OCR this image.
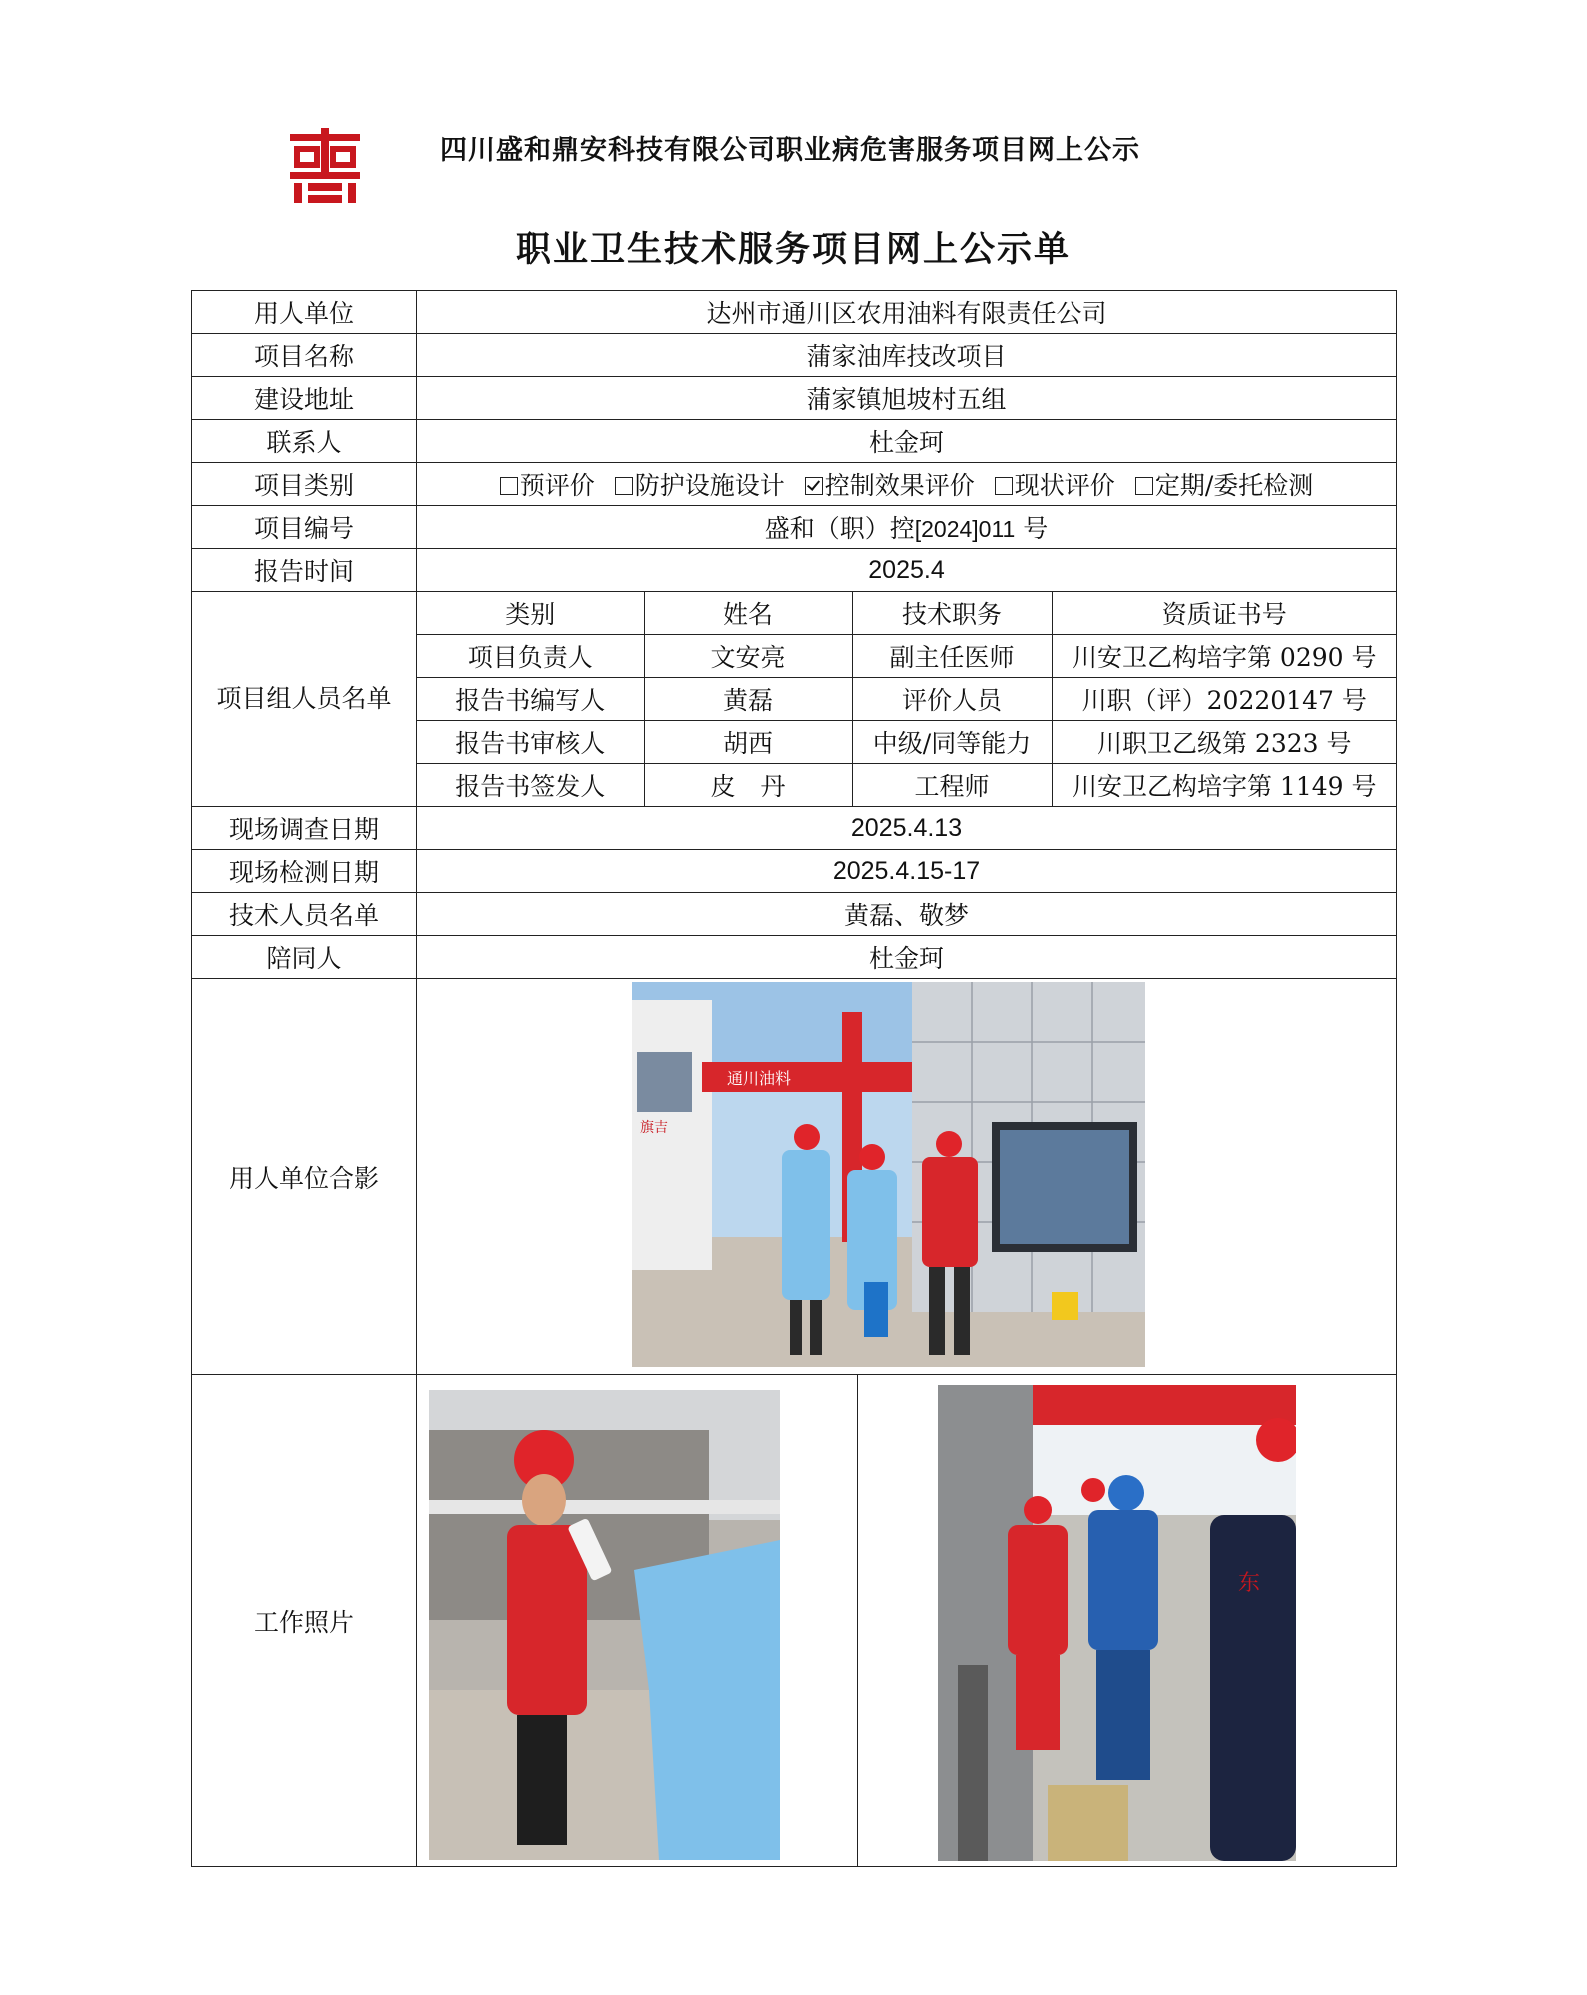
四川盛和鼎安科技有限公司职业病危害服务项目网上公示
职业卫生技术服务项目网上公示单
用人单位	达州市通川区农用油料有限责任公司
项目名称	蒲家油库技改项目
建设地址	蒲家镇旭坡村五组
联系人	杜金珂
项目类别	预评价 防护设施设计 控制效果评价 现状评价 定期/委托检测
项目编号	盛和（职）控[2024]011 号
报告时间	2025.4
项目组人员名单	
类别	姓名	技术职务	资质证书号
项目负责人	文安亮	副主任医师	川安卫乙构培字第 0290 号
报告书编写人	黄磊	评价人员	川职（评）20220147 号
报告书审核人	胡西	中级/同等能力	川职卫乙级第 2323 号
报告书签发人	皮　丹	工程师	川安卫乙构培字第 1149 号

现场调查日期	2025.4.13
现场检测日期	2025.4.15-17
技术人员名单	黄磊、敬梦
陪同人	杜金珂
用人单位合影	
通川油料
旗吉

工作照片	
东
